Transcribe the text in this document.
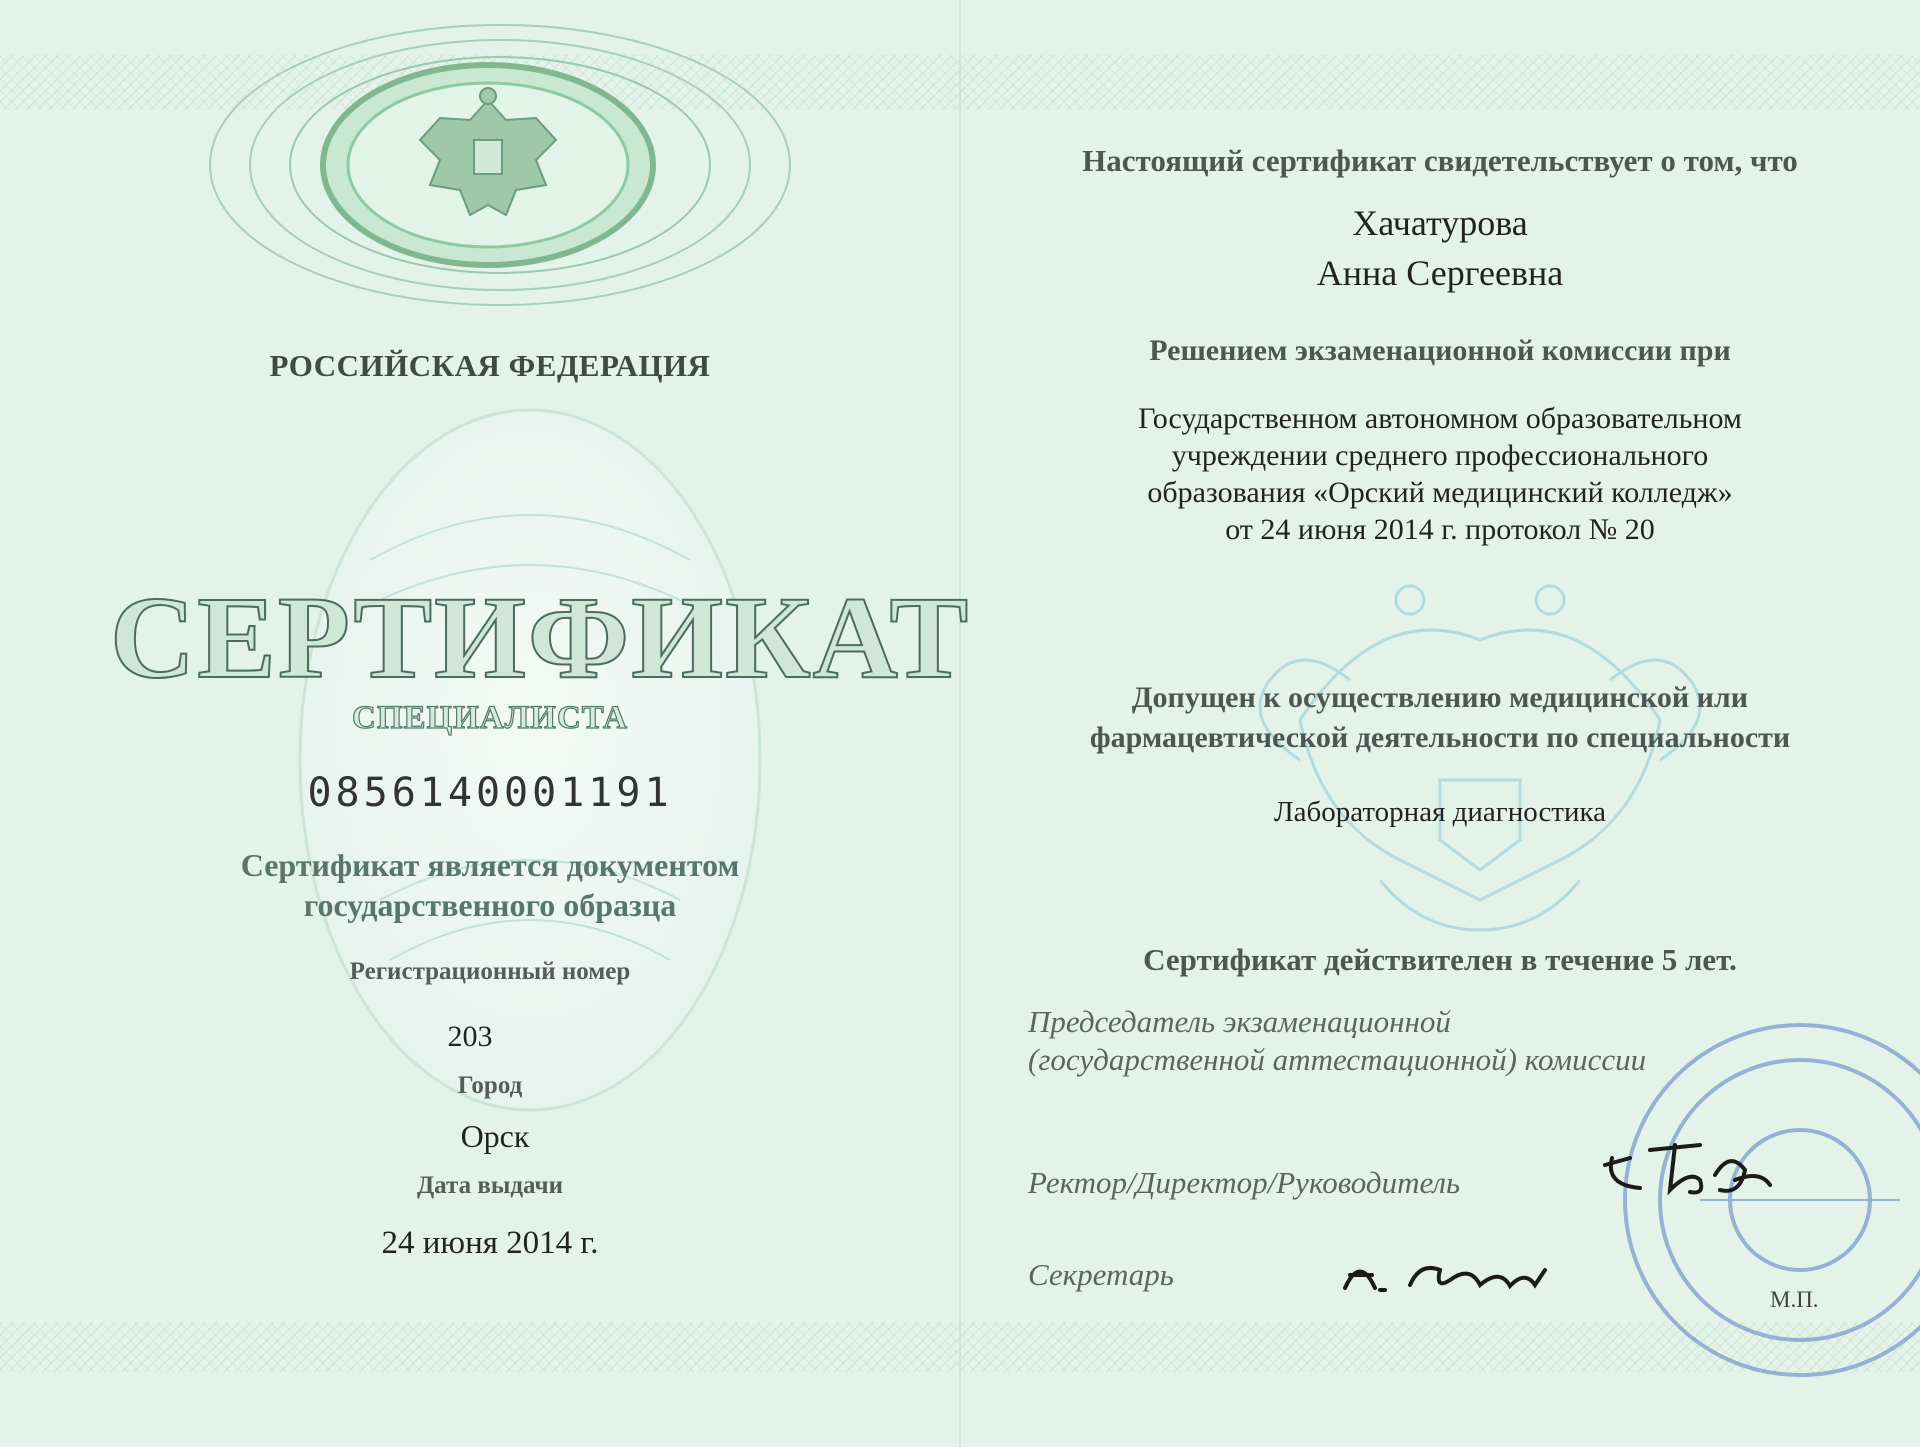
РОССИЙСКАЯ ФЕДЕРАЦИЯ
СЕРТИФИКАТ
СПЕЦИАЛИСТА
0856140001191
Сертификат является документом
государственного образца
Регистрационный номер
203
Город
Орск
Дата выдачи
24 июня 2014 г.
Настоящий сертификат свидетельствует о том, что
Хачатурова
Анна Сергеевна
Решением экзаменационной комиссии при
Государственном автономном образовательном
учреждении среднего профессионального
образования «Орский медицинский колледж»
от 24 июня 2014 г. протокол № 20
Допущен к осуществлению медицинской или
фармацевтической деятельности по специальности
Лабораторная диагностика
Сертификат действителен в течение 5 лет.
Председатель экзаменационной
(государственной аттестационной) комиссии
Ректор/Директор/Руководитель
Секретарь
М.П.
